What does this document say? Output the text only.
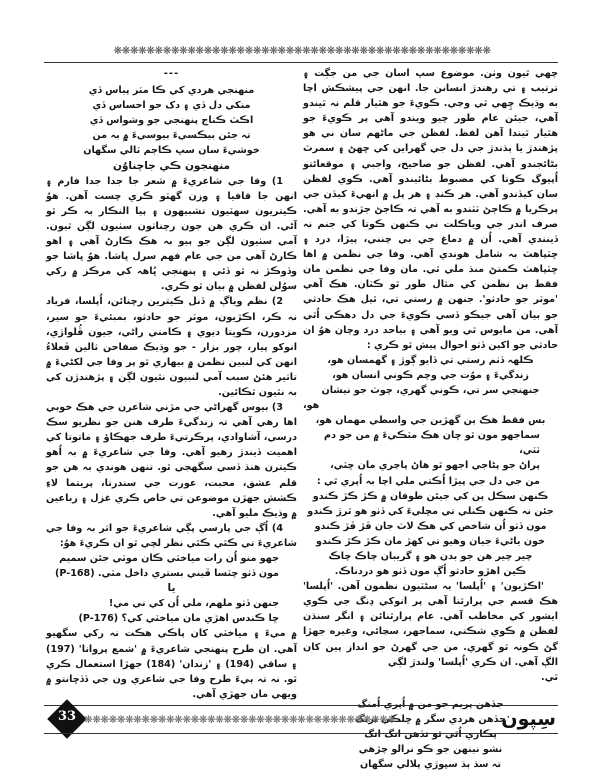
❋❋❋❋❋❋❋❋❋❋❋❋❋❋❋❋❋❋❋❋❋❋❋❋❋❋❋❋❋❋❋❋❋❋❋❋❋❋❋❋❋❋❋❋❋❋

چھي ٿيون وٺن. موضوع سڀ اسان جي من جڳت ۽ ترتيب ۽ تي رهندڙ انسانن جا. انهن جي پيشڪش اچا به وڌيڪ چِهي ٿي وڃي. ڪويءَ جو هٿيار قلم نہ ٿيندو آهي، جيئن عام طور چيو ويندو آهي پر ڪويءَ جو هٿيار ٿيندا آهن لفظ. لفظن جي ماڻهم سان ني هو پڙهندڙ يا ٻڌندڙ جي دل جي گهراين کي ڇهڻ ۽ سمرٿ بڻائجندو آهي. لفظن جو صاحيح، واجبي ۽ موقعائتو اُپيوگ ڪوتا کي مضبوط بڻائيندو آهي. ڪوي لفظن سان کيڏندو آهي. هر ڪنڊ ۽ هر پل ۾ انهيءَ کيڏن جي پرڪريا ۾ ڪاڄڻ ٽٽندو به آهي تہ ڪاڄڻ جڙندو به آهي. صرف اندر جي وياڪلت ني ڪنهن ڪوتا کي جنم نہ ڏينندي آهي. اُن ۾ دماغ جي بي چنني، پيڙا، درد ۽ ڇٽپاهٽ بہ شامل هوندي آهي. وفا جي نظمن ۾ اها ڇٽپاهٽ ڪمتڻ منڌ ملي ٿي. مان وفا جي نظمن مان فقط ٻن نظمن کي مثال طور ٿو ڪٽان. هڪ آهي 'موٽر جو حادثو'. جنهن ۾ رستي تي، ٿيل هڪ حادثي جو بيان آهي جيڪو ڏسي ڪويءَ جي دل دهڪي اُٿي آهي. من مايوس ٿي ويو آهي ۽ بياحد درد وچان هوُ ان حادثي جو اکين ڏٺو احوال پيش ٿو ڪري :

ڪلهہ ڏٺم رستي تي ڏايو ڳوڙ ۽ گهمسان هو،

زندگيءَ ۽ موُت جي وچم ڪوني انسان هو،

جنهنجي سر تي، ڪوني گهري، چوٽ جو نيشان

هو،

بس فقط هڪ ٻن گهڙين جي واسطي مهمان هو،

سماجهو مون ٿو ڇان هڪ مٽڪيءَ ۾ من جو دم ٽٽي،

پراڻ جو پڻاجي اجهو ٿو هاڻ پاڃري مان ڇٽي،

من جي دل جي پيڙا اُڪتي ملي اچا بہ اُپري ٿي :

ڪنهن سڪل پن کي جيئن طوفان ۾ ڪڙ ڪڙ ڪندو

جئن نہ ڪنهن ڪنلي تي مڇليءَ کي ڏٺو هو ٿرڙ ڪندو

مون ڏٺو اُن شاخص کي هڪ لاٽ جان ڦڙ ڦڙ ڪندو

خون ياڻيءَ جيان وهيو تي کهڙ مان ڪڙ ڪڙ ڪندو

چير چير هن جو بدن هو ۽ گريبان چاڪ چاڪ

ڪين اهڙو حادثو اُڳ مون ڏٺو هو دردناڪ.

'اڪڙيون' ۽ 'اُپلسا' بہ سڻٽيون نظمون آهن. 'اُپلسا' هڪ قسم جي پرارٿنا آهي پر انوکي ڍنگ جي ڪوي ايشور کي مخاطب آهي. عام پرارٿنائن ۽ انگر سنڌن لفظن ۾ ڪوي شڪتي، سماجهر، سڃائي، وغيره جهڙا گڻ ڪونہ ٿو گهري. من جي گهرڻ جو انداز پين کان الڳ آهي. ان ڪري 'اُپلسا' ولندڙ لڳي

ٿي.

جڏهن پريم جو من ۾ اُپري اُمنگ

جڏهن هردي سگر ۾ ڇلڪي ترنگ

پڪاري اُٿي ٿو تڏهن انگ انگ

نشو نينهن جو ڪو نرالو چڙهي

تہ سڌ ٻڌ سڀوڙي پلالي سگهان

---

منهنجي هردي کي ڪا مٽر پياس ڏي

منکي دل ڏي ۽ دک جو احساس ڏي

اڪٽ ڪناڄ پنهنجي جو وشواس ڏي

تہ جئن بيڪسيءَ بيوسيءَ ۾ بہ من

خوشيءَ سان سڀ ڪاڄم ٽالي سگهان

منهنجون ڪي جاچناوُن

1) وفا جي شاعريءَ ۾ شعر جا جدا جدا فارم ۽ انهن جا قافيا ۽ وزن گهٽو ڪري چست آهن. هوُ ڪيتريون سهٽيون تشبيهون ۽ ٻيا النڪار بہ ڪر ٿو آڻي. ان ڪري هن جون رچناٺون سٺيون لڳن ٿيون. آمي سٺيون لڳن جو ٻيو بہ هڪ ڪارڻ آهي ۽ اهو ڪارڻ آهي من جي عام فهم سرل ڀاشا. هوُ ڀاشا جو وڏوڪڙ نہ ٿو ڏئي ۽ پنهنجي ڀُاهہ کي مرڪز ۾ رکي سوُلن لفظن ۾ بيان ٿو ڪري.

2) نظم وياڳ ۾ ڏنل ڪيترين رچنائن، اُپلسا، فرياد نہ ڪر، اڪڙيون، موٽر جو حادثو، بمبئيءَ جو سير، مزدورن، ڪويتا ديوي ۽ ڪامني راڻي، جيون ڦُلواڙي، انوکو پيار، چور بزار - جو وڌيڪ صفاحن ثالين ڦعلاءُ انهن کي لنبين نظمن ۾ بيهاري ٿو پر وفا جي لکڻيءَ ۾ تاثير هئڻ سبب آمي لنبيون نٿيون لڳن ۽ پڙهندڙن کي بہ نٿيون ٿڪائين.

3) بيوس گهراڻي جي مڙني شاعرن جي هڪ خوبي اها رهي آهي تہ زندگيءَ طرف هنن جو نظريو سڪ درسي، آشاوادي، پرڪرتيءَ طرف جهڪاؤ ۽ ماتوتا کي اهميت ڏيندڙ رهيو آهي. وفا جي شاعريءَ ۾ بہ اُهو ڪيترن هنڌ ڏسي سگهجي ٿو. تنهن هوندي بہ هن جو قلم عشق، محبت، عورت جي سندرتا، پريتما لاءِ ڪشش جهڙن موضوعن تي خاص ڪري غزل ۽ رباعين ۾ وڌيڪ مليو آهي.

4) اُڳ جي پارسي پڳي شاعريءَ جو اثر بہ وفا جي شاعريءَ تي ڪٿي ڪٿي نظر لچي ٿو ان ڪريءَ هوُ:

جهو منو اُن رات مياخٽي ڪان موٽي جئن سميم

مون ڏٺو چٽسا ڦيني بستري داخل مٽي. (P-168)

يا

جنهن ڏٺو ملهم، ملي اُن کي ني مي!

ڇا ڪندس اهڙي مان مياخٽي کي؟ (P-176)

۾ ميءَ ۽ مياخٽي کان پاڪي هڪت نہ رکي سگهيو آهي. ان طرح پنهنجي شاعريءَ ۾ 'شمع پروانا' (197) ۽ ساقي (194) ۽ 'زندان' (184) جهڙا استعمال ڪري ٿو. نہ تہ ٻيءَ طرح وفا جي شاعري ون جي ڏڏڇانتو ۾ ويهي مان جهڙي آهي.

33 ❋❋❋❋❋❋❋❋❋❋❋❋❋❋❋❋❋❋❋❋❋❋❋❋❋❋❋❋❋❋❋❋❋❋❋❋❋❋	سِپون
